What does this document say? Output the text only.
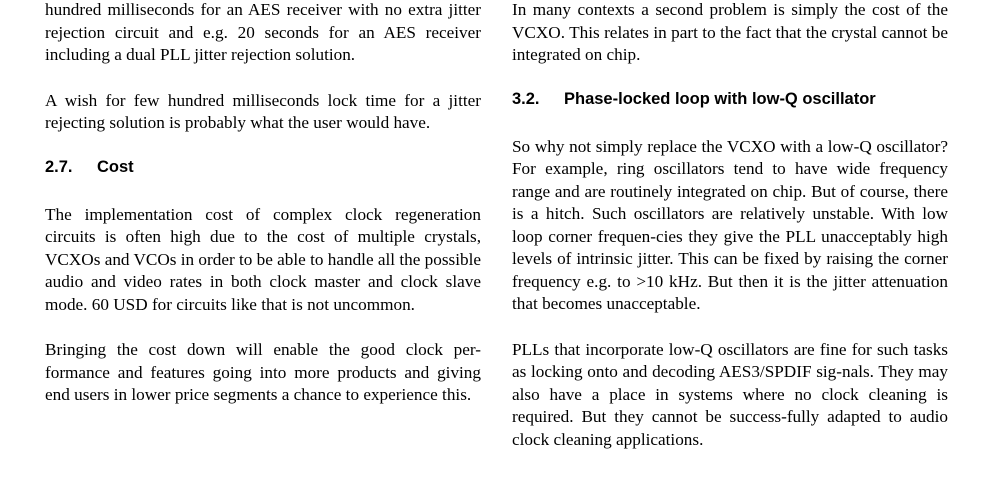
hundred milliseconds for an AES receiver with no extra jitter rejection circuit and e.g. 20 seconds for an AES receiver including a dual PLL jitter rejection solution.

A wish for few hundred milliseconds lock time for a jitter rejecting solution is probably what the user would have.

2.7. Cost

The implementation cost of complex clock regeneration circuits is often high due to the cost of multiple crystals, VCXOs and VCOs in order to be able to handle all the possible audio and video rates in both clock master and clock slave mode. 60 USD for circuits like that is not uncommon.

Bringing the cost down will enable the good clock per-formance and features going into more products and giving end users in lower price segments a chance to experience this.

In many contexts a second problem is simply the cost of the VCXO. This relates in part to the fact that the crystal cannot be integrated on chip.

3.2. Phase-locked loop with low-Q oscillator

So why not simply replace the VCXO with a low-Q oscillator? For example, ring oscillators tend to have wide frequency range and are routinely integrated on chip. But of course, there is a hitch. Such oscillators are relatively unstable. With low loop corner frequen-cies they give the PLL unacceptably high levels of intrinsic jitter. This can be fixed by raising the corner frequency e.g. to >10 kHz. But then it is the jitter attenuation that becomes unacceptable.

PLLs that incorporate low-Q oscillators are fine for such tasks as locking onto and decoding AES3/SPDIF sig-nals. They may also have a place in systems where no clock cleaning is required. But they cannot be success-fully adapted to audio clock cleaning applications.
